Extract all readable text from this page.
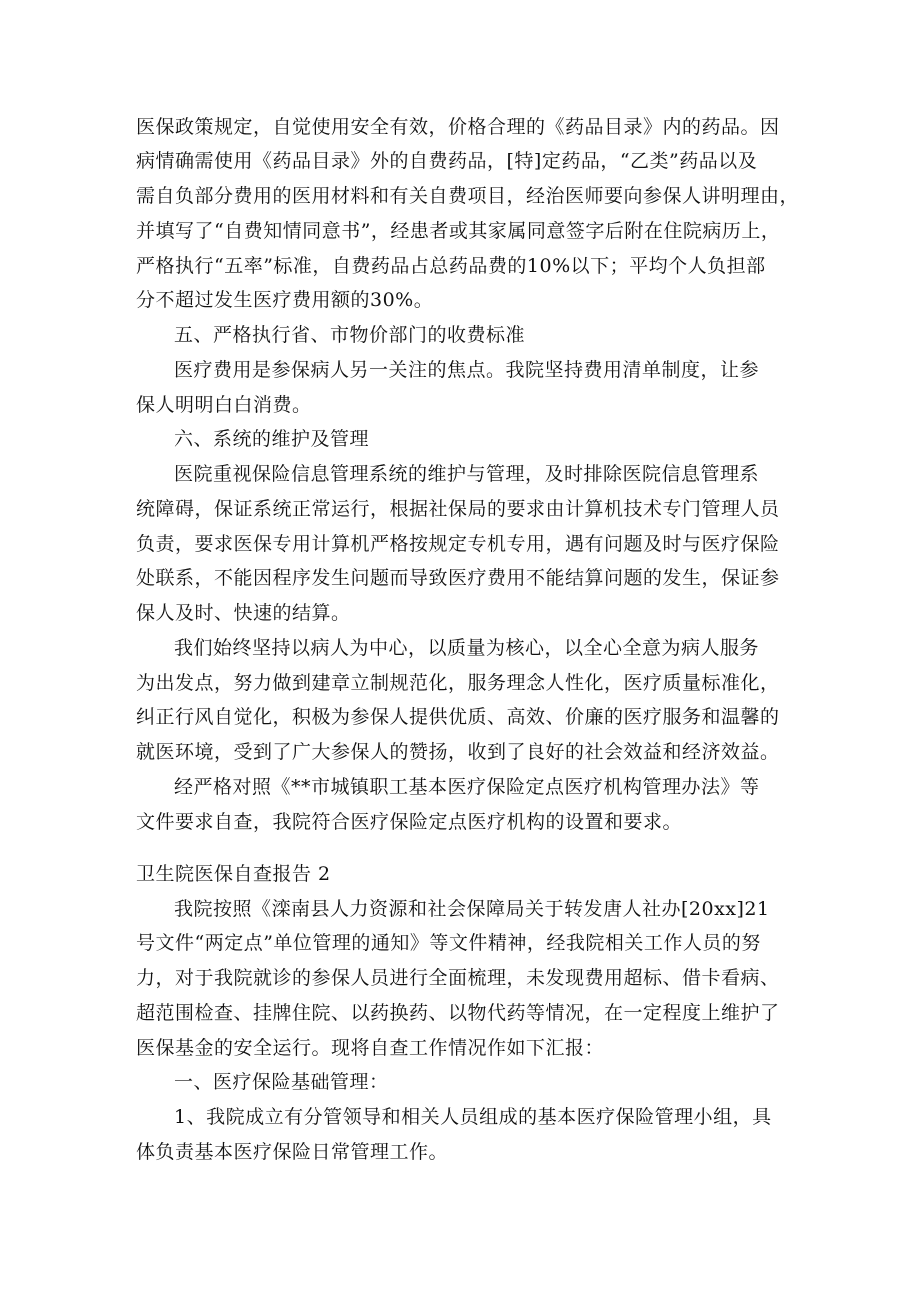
医保政策规定，自觉使用安全有效，价格合理的《药品目录》内的药品。因
病情确需使用《药品目录》外的自费药品，[特]定药品，“乙类”药品以及
需自负部分费用的医用材料和有关自费项目，经治医师要向参保人讲明理由，
并填写了“自费知情同意书”，经患者或其家属同意签字后附在住院病历上，
严格执行“五率”标准，自费药品占总药品费的10%以下；平均个人负担部
分不超过发生医疗费用额的30%。
五、严格执行省、市物价部门的收费标准
医疗费用是参保病人另一关注的焦点。我院坚持费用清单制度，让参
保人明明白白消费。
六、系统的维护及管理
医院重视保险信息管理系统的维护与管理，及时排除医院信息管理系
统障碍，保证系统正常运行，根据社保局的要求由计算机技术专门管理人员
负责，要求医保专用计算机严格按规定专机专用，遇有问题及时与医疗保险
处联系，不能因程序发生问题而导致医疗费用不能结算问题的发生，保证参
保人及时、快速的结算。
我们始终坚持以病人为中心，以质量为核心，以全心全意为病人服务
为出发点，努力做到建章立制规范化，服务理念人性化，医疗质量标准化，
纠正行风自觉化，积极为参保人提供优质、高效、价廉的医疗服务和温馨的
就医环境，受到了广大参保人的赞扬，收到了良好的社会效益和经济效益。
经严格对照《**市城镇职工基本医疗保险定点医疗机构管理办法》等
文件要求自查，我院符合医疗保险定点医疗机构的设置和要求。
卫生院医保自查报告 2
我院按照《滦南县人力资源和社会保障局关于转发唐人社办[20xx]21
号文件“两定点”单位管理的通知》等文件精神，经我院相关工作人员的努
力，对于我院就诊的参保人员进行全面梳理，未发现费用超标、借卡看病、
超范围检查、挂牌住院、以药换药、以物代药等情况，在一定程度上维护了
医保基金的安全运行。现将自查工作情况作如下汇报：
一、医疗保险基础管理：
1、我院成立有分管领导和相关人员组成的基本医疗保险管理小组，具
体负责基本医疗保险日常管理工作。
